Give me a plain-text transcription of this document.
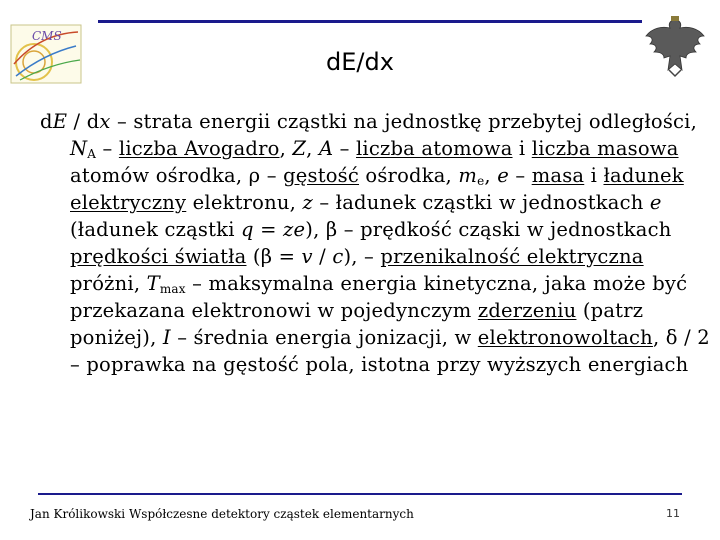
CMS
dE/dx
dE / dx – strata energii cząstki na jednostkę przebytej odległości, $N_A$ – liczba Avogadro, Z, A – liczba atomowa i liczba masowa atomów ośrodka, ρ – gęstość ośrodka, $m_e$, e – masa i ładunek elektryczny elektronu, z – ładunek cząstki w jednostkach e (ładunek cząstki q = ze), β – prędkość cząski w jednostkach prędkości światła (β = v / c), – przenikalność elektryczna próżni, $T_{max}$ – maksymalna energia kinetyczna, jaka może być przekazana elektronowi w pojedynczym zderzeniu (patrz poniżej), I – średnia energia jonizacji, w elektronowoltach, δ / 2 – poprawka na gęstość pola, istotna przy wyższych energiach
Jan Królikowski Współczesne detektory cząstek elementarnych	11
